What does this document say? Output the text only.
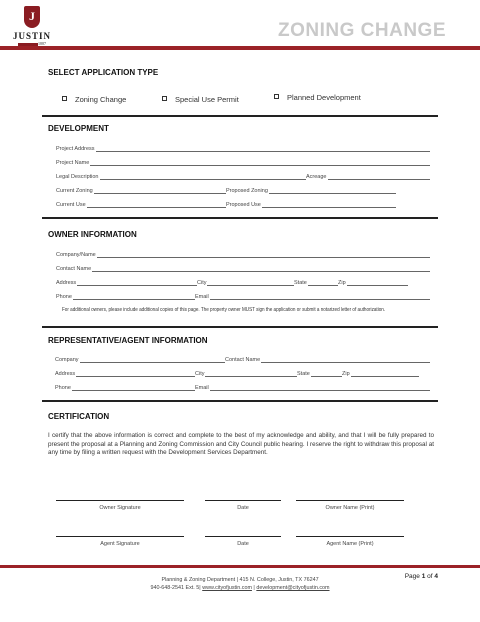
J
JUSTIN
1887
ZONING CHANGE
SELECT APPLICATION TYPE
Zoning Change	Special Use Permit	Planned Development
DEVELOPMENT
Project Address
Project Name
Legal Description	Acreage
Current Zoning	Proposed Zoning
Current Use	Proposed Use
OWNER INFORMATION
Company/Name
Contact Name
Address	City	State	Zip
Phone	Email
For additional owners, please include additional copies of this page. The property owner MUST sign the application or submit a notarized letter of authorization.
REPRESENTATIVE/AGENT INFORMATION
Company	Contact Name
Address	City	State	Zip
Phone	Email
CERTIFICATION
I certify that the above information is correct and complete to the best of my acknowledge and ability, and that I will be fully prepared to present the proposal at a Planning and Zoning Commission and City Council public hearing. I reserve the right to withdraw this proposal at any time by filing a written request with the Development Services Department.
Owner Signature	Date	Owner Name (Print)
Agent Signature	Date	Agent Name (Print)
Planning & Zoning Department | 415 N. College, Justin, TX 76247
940-648-2541 Ext. 5| www.cityofjustin.com | development@cityofjustin.com
Page 1 of 4
